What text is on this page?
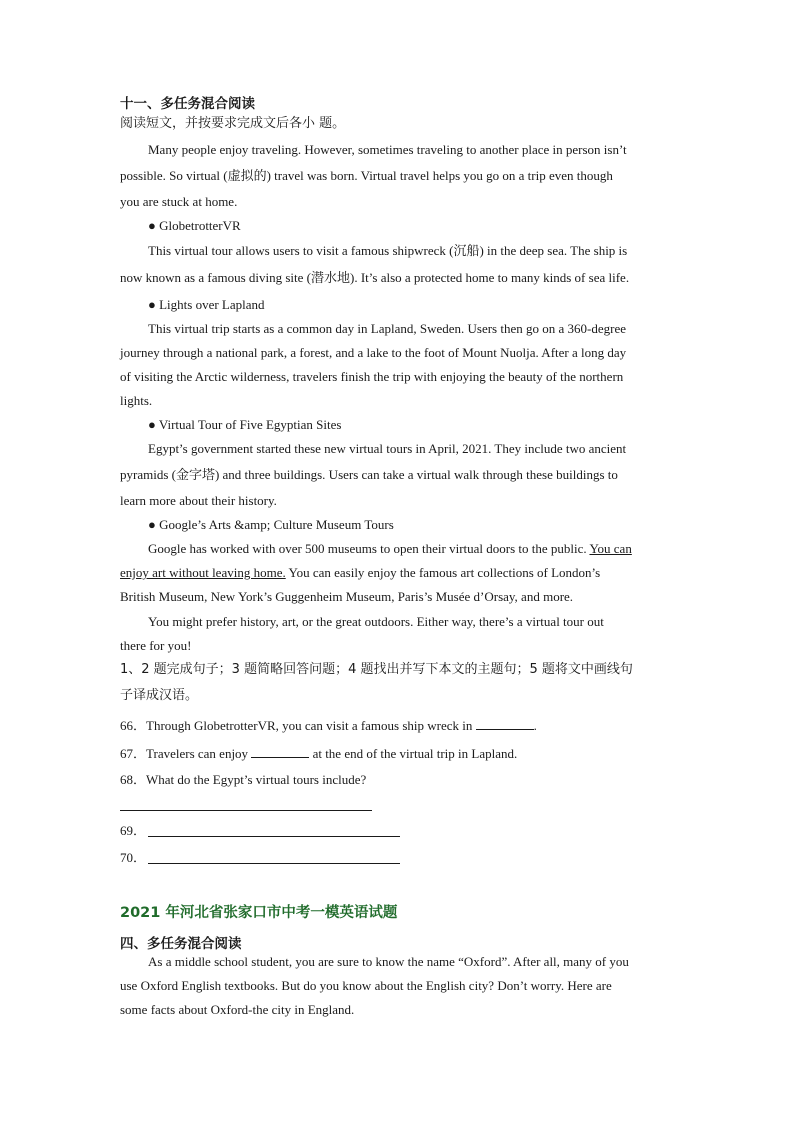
十一、多任务混合阅读
阅读短文，并按要求完成文后各小 题。
Many people enjoy traveling. However, sometimes traveling to another place in person isn’t
possible. So virtual (虚拟的) travel was born. Virtual travel helps you go on a trip even though
you are stuck at home.
● GlobetrotterVR
This virtual tour allows users to visit a famous shipwreck (沉船) in the deep sea. The ship is
now known as a famous diving site (潜水地). It’s also a protected home to many kinds of sea life.
● Lights over Lapland
This virtual trip starts as a common day in Lapland, Sweden. Users then go on a 360-degree
journey through a national park, a forest, and a lake to the foot of Mount Nuolja. After a long day
of visiting the Arctic wilderness, travelers finish the trip with enjoying the beauty of the northern
lights.
● Virtual Tour of Five Egyptian Sites
Egypt’s government started these new virtual tours in April, 2021. They include two ancient
pyramids (金字塔) and three buildings. Users can take a virtual walk through these buildings to
learn more about their history.
● Google’s Arts &amp; Culture Museum Tours
Google has worked with over 500 museums to open their virtual doors to the public. You can
enjoy art without leaving home. You can easily enjoy the famous art collections of London’s
British Museum, New York’s Guggenheim Museum, Paris’s Musée d’Orsay, and more.
You might prefer history, art, or the great outdoors. Either way, there’s a virtual tour out
there for you!
1、2 题完成句子；3 题简略回答问题；4 题找出并写下本文的主题句；5 题将文中画线句
子译成汉语。
66．Through GlobetrotterVR, you can visit a famous ship wreck in	.
67．Travelers can enjoy	at the end of the virtual trip in Lapland.
68．What do the Egypt’s virtual tours include?
69．
70．
2021 年河北省张家口市中考一模英语试题
四、多任务混合阅读
As a middle school student, you are sure to know the name “Oxford”. After all, many of you
use Oxford English textbooks. But do you know about the English city? Don’t worry. Here are
some facts about Oxford-the city in England.
